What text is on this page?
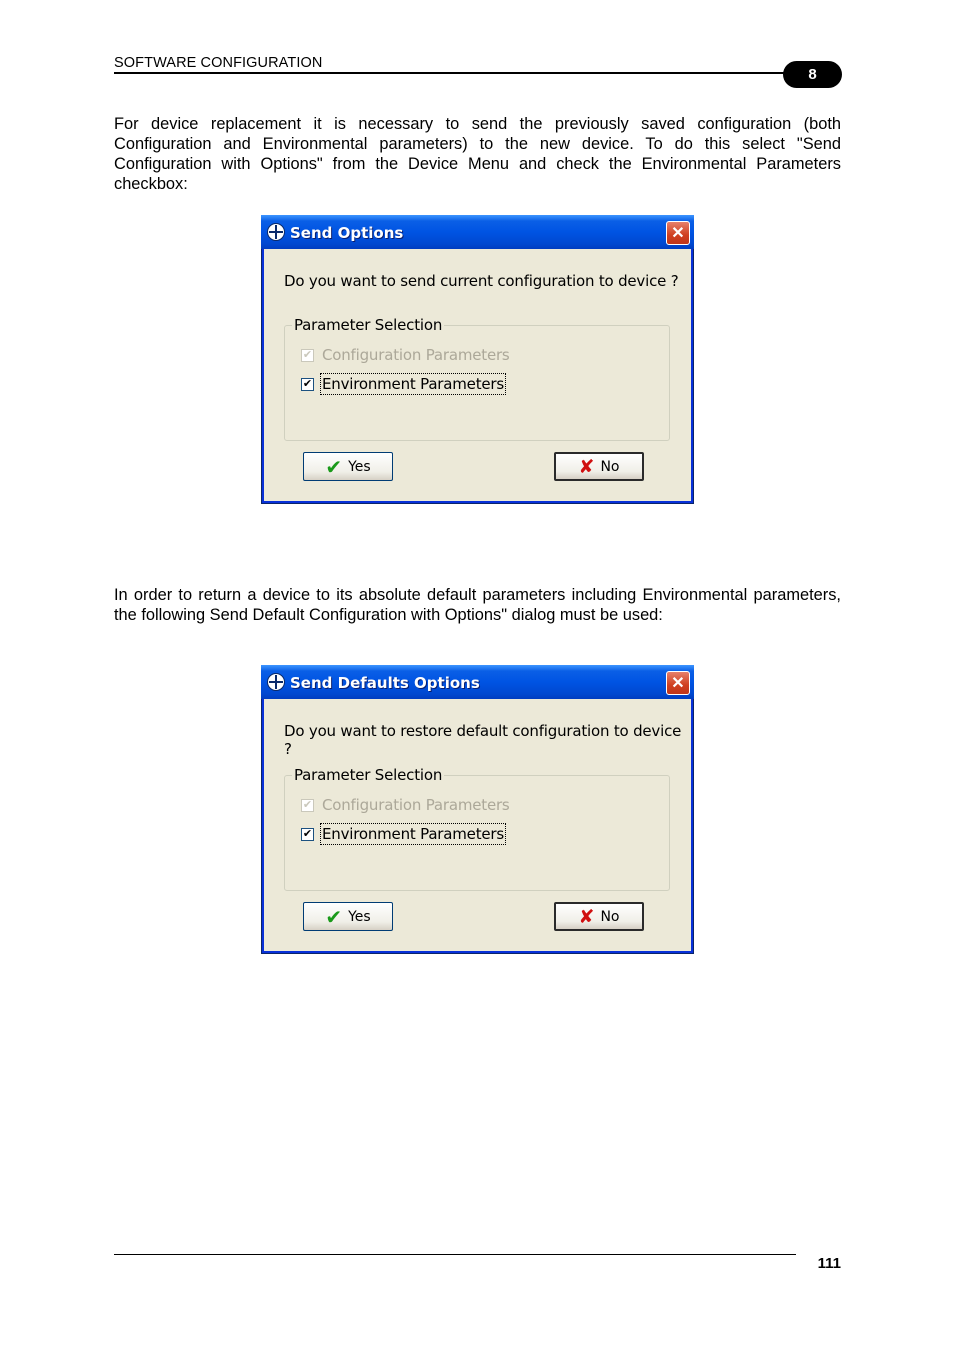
SOFTWARE CONFIGURATION
8
For device replacement it is necessary to send the previously saved configuration (both Configuration and Environmental parameters) to the new device. To do this select "Send Configuration with Options" from the Device Menu and check the Environmental Parameters checkbox:
Send Options	✕
Do you want to send current configuration to device ?
Parameter Selection
✔ Configuration Parameters
✔ Environment Parameters
✔ Yes	✘ No
In order to return a device to its absolute default parameters including Environmental parameters, the following Send Default Configuration with Options" dialog must be used:
Send Defaults Options	✕
Do you want to restore default configuration to device ?
Parameter Selection
✔ Configuration Parameters
✔ Environment Parameters
✔ Yes	✘ No
111
